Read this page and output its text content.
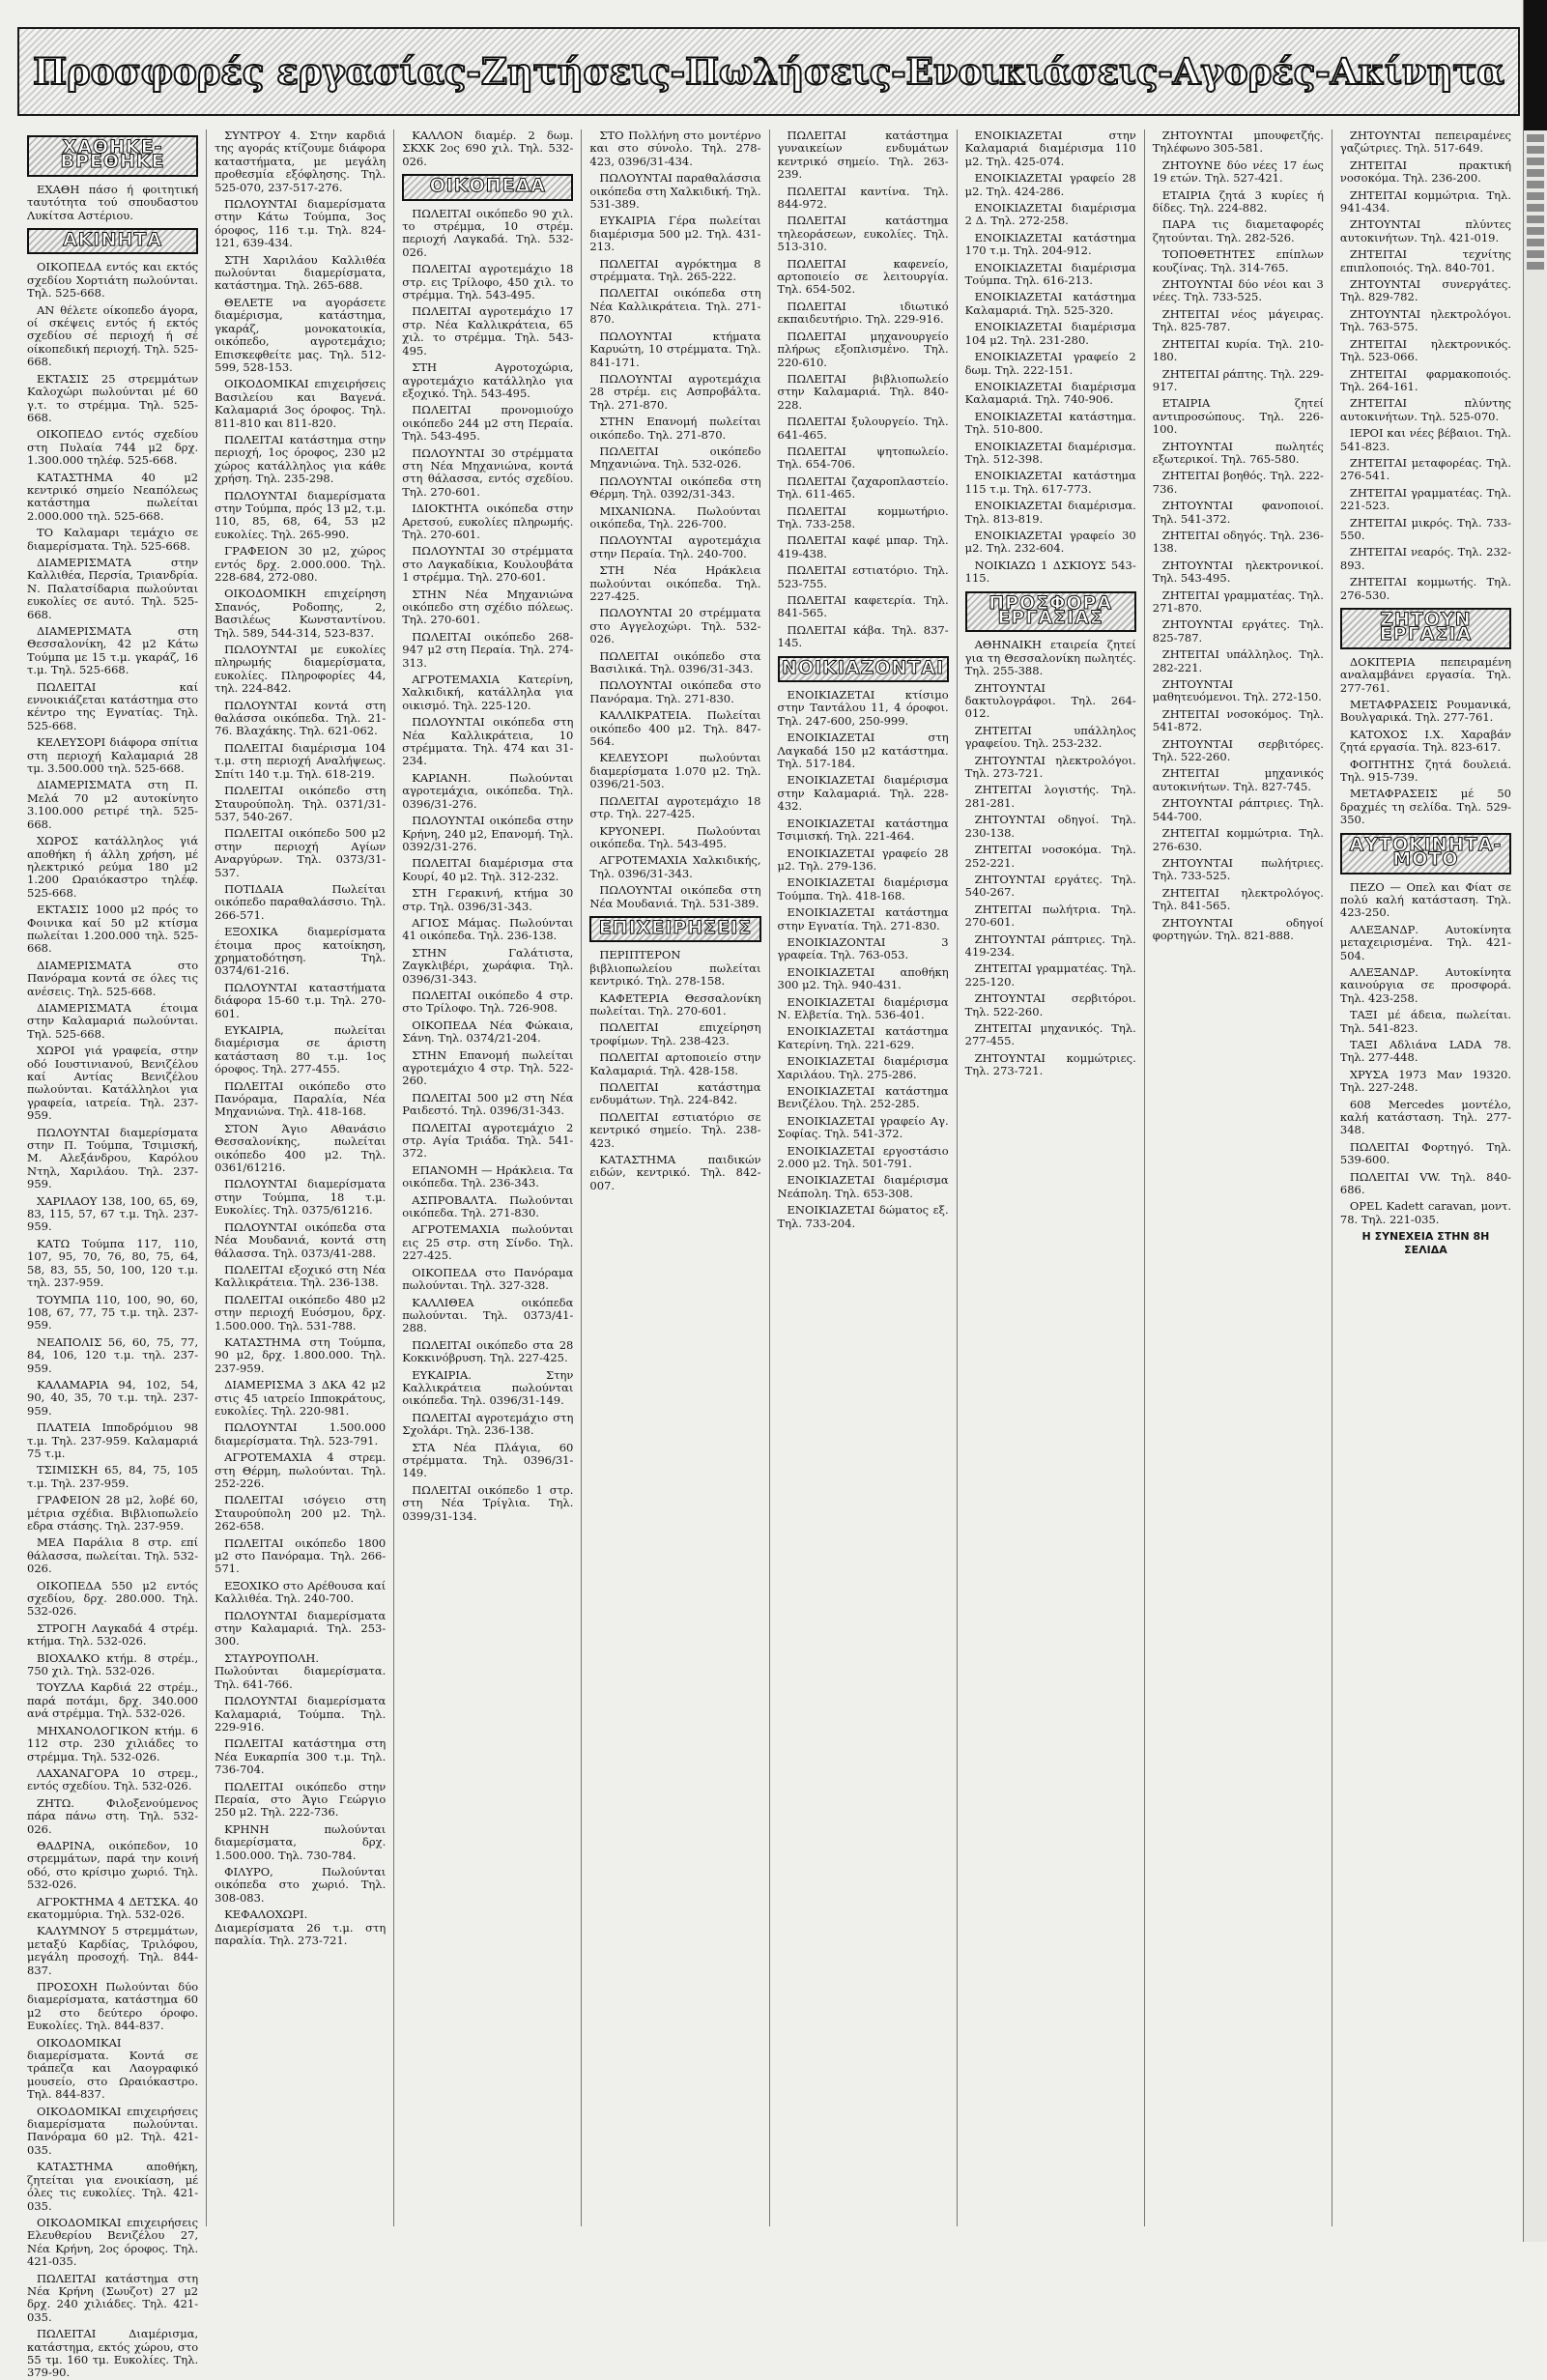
Προσφορές εργασίας-Ζητήσεις-Πωλήσεις-Ενοικιάσεις-Αγορές-Ακίνητα
ΧΑΘΗΚΕ-ΒΡΕΘΗΚΕ

ΕΧΑΘΗ πάσο ή φοιτητική ταυτότητα τού σπουδαστου Λυκίτσα Αστέριου.

ΑΚΙΝΗΤΑ

ΟΙΚΟΠΕΔΑ εντός και εκτός σχεδίου Χορτιάτη πωλούνται. Τηλ. 525-668.

ΑΝ θέλετε οίκοπεδο άγορα, οί σκέψεις εντός ή εκτός σχεδίου σέ περιοχή ή σέ οίκοπεδική περιοχή. Τηλ. 525-668.

ΕΚΤΑΣΙΣ 25 στρεμμάτων Καλοχώρι πωλούνται μέ 60 γ.τ. το στρέμμα. Τηλ. 525-668.

ΟΙΚΟΠΕΔΟ εντός σχεδίου στη Πυλαία 744 μ2 δρχ. 1.300.000 τηλέφ. 525-668.

ΚΑΤΑΣΤΗΜΑ 40 μ2 κεντρικό σημείο Νεαπόλεως κατάστημα πωλείται 2.000.000 τηλ. 525-668.

ΤΟ Καλαμαρι τεμάχιο σε διαμερίσματα. Τηλ. 525-668.

ΔΙΑΜΕΡΙΣΜΑΤΑ στην Καλλιθέα, Περσία, Τριανδρία. Ν. Παλατσίδαρια πωλούνται ευκολίες σε αυτό. Τηλ. 525-668.

ΔΙΑΜΕΡΙΣΜΑΤΑ στη Θεσσαλονίκη, 42 μ2 Κάτω Τούμπα με 15 τ.μ. γκαράζ, 16 τ.μ. Τηλ. 525-668.

ΠΩΛΕΙΤΑΙ καί εννοικιάζεται κατάστημα στο κέντρο της Εγνατίας. Τηλ. 525-668.

ΚΕΛΕΥΣΟΡΙ διάφορα σπίτια στη περιοχή Καλαμαριά 28 τμ. 3.500.000 τηλ. 525-668.

ΔΙΑΜΕΡΙΣΜΑΤΑ στη Π. Μελά 70 μ2 αυτοκίνητο 3.100.000 ρετιρέ τηλ. 525-668.

ΧΩΡΟΣ κατάλληλος γιά αποθήκη ή άλλη χρήση, μέ ηλεκτρικό ρεύμα 180 μ2 1.200 Ωραιόκαστρο τηλέφ. 525-668.

ΕΚΤΑΣΙΣ 1000 μ2 πρός το Φοινικα καί 50 μ2 κτίσμα πωλείται 1.200.000 τηλ. 525-668.

ΔΙΑΜΕΡΙΣΜΑΤΑ στο Πανόραμα κοντά σε όλες τις ανέσεις. Τηλ. 525-668.

ΔΙΑΜΕΡΙΣΜΑΤΑ έτοιμα στην Καλαμαριά πωλούνται. Τηλ. 525-668.

ΧΩΡΟΙ γιά γραφεία, στην οδό Ιουστινιανού, Βενιζέλου καί Αντίας Βενιζέλου πωλούνται. Κατάλληλοι για γραφεία, ιατρεία. Τηλ. 237-959.

ΠΩΛΟΥΝΤΑΙ διαμερίσματα στην Π. Τούμπα, Τσιμισκή, Μ. Αλεξάνδρου, Καρόλου Ντηλ, Χαριλάου. Τηλ. 237-959.

ΧΑΡΙΛΑΟΥ 138, 100, 65, 69, 83, 115, 57, 67 τ.μ. Τηλ. 237-959.

ΚΑΤΩ Τούμπα 117, 110, 107, 95, 70, 76, 80, 75, 64, 58, 83, 55, 50, 100, 120 τ.μ. τηλ. 237-959.

ΤΟΥΜΠΑ 110, 100, 90, 60, 108, 67, 77, 75 τ.μ. τηλ. 237-959.

ΝΕΑΠΟΛΙΣ 56, 60, 75, 77, 84, 106, 120 τ.μ. τηλ. 237-959.

ΚΑΛΑΜΑΡΙΑ 94, 102, 54, 90, 40, 35, 70 τ.μ. τηλ. 237-959.

ΠΛΑΤΕΙΑ Ιπποδρόμιου 98 τ.μ. Τηλ. 237-959. Καλαμαριά 75 τ.μ.

ΤΣΙΜΙΣΚΗ 65, 84, 75, 105 τ.μ. Τηλ. 237-959.

ΓΡΑΦΕΙΟΝ 28 μ2, λοβέ 60, μέτρια σχέδια. Βιβλιοπωλείο εδρα στάσης. Τηλ. 237-959.

ΜΕΑ Παράλια 8 στρ. επί θάλασσα, πωλείται. Τηλ. 532-026.

ΟΙΚΟΠΕΔΑ 550 μ2 εντός σχεδίου, δρχ. 280.000. Τηλ. 532-026.

ΣΤΡΟΓΗ Λαγκαδά 4 στρέμ. κτήμα. Τηλ. 532-026.

ΒΙΟΧΑΛΚΟ κτήμ. 8 στρέμ., 750 χιλ. Τηλ. 532-026.

ΤΟΥΖΛΑ Καρδιά 22 στρέμ., παρά ποτάμι, δρχ. 340.000 ανά στρέμμα. Τηλ. 532-026.

ΜΗΧΑΝΟΛΟΓΙΚΟΝ κτήμ. 6 112 στρ. 230 χιλιάδες το στρέμμα. Τηλ. 532-026.

ΛΑΧΑΝΑΓΟΡΑ 10 στρεμ., εντός σχεδίου. Τηλ. 532-026.

ΖΗΤΩ. Φιλοξενούμενος πάρα πάνω στη. Τηλ. 532-026.

ΘΑΔΡΙΝΑ, οικόπεδον, 10 στρεμμάτων, παρά την κοινή οδό, στο κρίσιμο χωριό. Τηλ. 532-026.

ΑΓΡΟΚΤΗΜΑ 4 ΔΕΤΣΚΑ. 40 εκατομμύρια. Τηλ. 532-026.

ΚΑΛΥΜΝΟΥ 5 στρεμμάτων, μεταξύ Καρδίας, Τριλόφου, μεγάλη προσοχή. Τηλ. 844-837.

ΠΡΟΣΟΧΗ Πωλούνται δύο διαμερίσματα, κατάστημα 60 μ2 στο δεύτερο όροφο. Ευκολίες. Τηλ. 844-837.

ΟΙΚΟΔΟΜΙΚΑΙ διαμερίσματα. Κοντά σε τράπεζα και Λαογραφικό μουσείο, στο Ωραιόκαστρο. Τηλ. 844-837.

ΟΙΚΟΔΟΜΙΚΑΙ επιχειρήσεις διαμερίσματα πωλούνται. Πανόραμα 60 μ2. Τηλ. 421-035.

ΚΑΤΑΣΤΗΜΑ αποθήκη, ζητείται για ενοικίαση, μέ όλες τις ευκολίες. Τηλ. 421-035.

ΟΙΚΟΔΟΜΙΚΑΙ επιχειρήσεις Ελευθερίου Βενιζέλου 27, Νέα Κρήνη, 2ος όροφος. Τηλ. 421-035.

ΠΩΛΕΙΤΑΙ κατάστημα στη Νέα Κρήνη (Σωυζοτ) 27 μ2 δρχ. 240 χιλιάδες. Τηλ. 421-035.

ΠΩΛΕΙΤΑΙ Διαμέρισμα, κατάστημα, εκτός χώρου, στο 55 τμ. 160 τμ. Ευκολίες. Τηλ. 379-90.

ΣΥΝΤΡΟΥ 4. Στην καρδιά της αγοράς κτίζουμε διάφορα καταστήματα, με μεγάλη προθεσμία εξόφλησης. Τηλ. 525-070, 237-517-276.

ΠΩΛΟΥΝΤΑΙ διαμερίσματα στην Κάτω Τούμπα, 3ος όροφος, 116 τ.μ. Τηλ. 824-121, 639-434.

ΣΤΗ Χαριλάου Καλλιθέα πωλούνται διαμερίσματα, κατάστημα. Τηλ. 265-688.

ΘΕΛΕΤΕ να αγοράσετε διαμέρισμα, κατάστημα, γκαράζ, μονοκατοικία, οικόπεδο, αγροτεμάχιο; Επισκεφθείτε μας. Τηλ. 512-599, 528-153.

ΟΙΚΟΔΟΜΙΚΑΙ επιχειρήσεις Βασιλείου και Βαγενά. Καλαμαριά 3ος όροφος. Τηλ. 811-810 και 811-820.

ΠΩΛΕΙΤΑΙ κατάστημα στην περιοχή, 1ος όροφος, 230 μ2 χώρος κατάλληλος για κάθε χρήση. Τηλ. 235-298.

ΠΩΛΟΥΝΤΑΙ διαμερίσματα στην Τούμπα, πρός 13 μ2, τ.μ. 110, 85, 68, 64, 53 μ2 ευκολίες. Τηλ. 265-990.

ΓΡΑΦΕΙΟΝ 30 μ2, χώρος εντός δρχ. 2.000.000. Τηλ. 228-684, 272-080.

ΟΙΚΟΔΟΜΙΚΗ επιχείρηση Σπανός, Ροδοπης, 2, Βασιλέως Κωνσταντίνου. Τηλ. 589, 544-314, 523-837.

ΠΩΛΟΥΝΤΑΙ με ευκολίες πληρωμής διαμερίσματα, ευκολίες. Πληροφορίες 44, τηλ. 224-842.

ΠΩΛΟΥΝΤΑΙ κοντά στη θαλάσσα οικόπεδα. Τηλ. 21-76. Βλαχάκης. Τηλ. 621-062.

ΠΩΛΕΙΤΑΙ διαμέρισμα 104 τ.μ. στη περιοχή Αναλήψεως. Σπίτι 140 τ.μ. Τηλ. 618-219.

ΠΩΛΕΙΤΑΙ οικόπεδο στη Σταυρούπολη. Τηλ. 0371/31-537, 540-267.

ΠΩΛΕΙΤΑΙ οικόπεδο 500 μ2 στην περιοχή Αγίων Αναργύρων. Τηλ. 0373/31-537.

ΠΟΤΙΔΑΙΑ Πωλείται οικόπεδο παραθαλάσσιο. Τηλ. 266-571.

ΕΞΟΧΙΚΑ διαμερίσματα έτοιμα προς κατοίκηση, χρηματοδότηση. Τηλ. 0374/61-216.

ΠΩΛΟΥΝΤΑΙ καταστήματα διάφορα 15-60 τ.μ. Τηλ. 270-601.

ΕΥΚΑΙΡΙΑ, πωλείται διαμέρισμα σε άριστη κατάσταση 80 τ.μ. 1ος όροφος. Τηλ. 277-455.

ΠΩΛΕΙΤΑΙ οικόπεδο στο Πανόραμα, Παραλία, Νέα Μηχανιώνα. Τηλ. 418-168.

ΣΤΟΝ Άγιο Αθανάσιο Θεσσαλονίκης, πωλείται οικόπεδο 400 μ2. Τηλ. 0361/61216.

ΠΩΛΟΥΝΤΑΙ διαμερίσματα στην Τούμπα, 18 τ.μ. Ευκολίες. Τηλ. 0375/61216.

ΠΩΛΟΥΝΤΑΙ οικόπεδα στα Νέα Μουδανιά, κοντά στη θάλασσα. Τηλ. 0373/41-288.

ΠΩΛΕΙΤΑΙ εξοχικό στη Νέα Καλλικράτεια. Τηλ. 236-138.

ΠΩΛΕΙΤΑΙ οικόπεδο 480 μ2 στην περιοχή Ευόσμου, δρχ. 1.500.000. Τηλ. 531-788.

ΚΑΤΑΣΤΗΜΑ στη Τούμπα, 90 μ2, δρχ. 1.800.000. Τηλ. 237-959.

ΔΙΑΜΕΡΙΣΜΑ 3 ΔΚΑ 42 μ2 στις 45 ιατρείο Ιπποκράτους, ευκολίες. Τηλ. 220-981.

ΠΩΛΟΥΝΤΑΙ 1.500.000 διαμερίσματα. Τηλ. 523-791.

ΑΓΡΟΤΕΜΑΧΙΑ 4 στρεμ. στη Θέρμη, πωλούνται. Τηλ. 252-226.

ΠΩΛΕΙΤΑΙ ισόγειο στη Σταυρούπολη 200 μ2. Τηλ. 262-658.

ΠΩΛΕΙΤΑΙ οικόπεδο 1800 μ2 στο Πανόραμα. Τηλ. 266-571.

ΕΞΟΧΙΚΟ στο Αρέθουσα καί Καλλιθέα. Τηλ. 240-700.

ΠΩΛΟΥΝΤΑΙ διαμερίσματα στην Καλαμαριά. Τηλ. 253-300.

ΣΤΑΥΡΟΥΠΟΛΗ. Πωλούνται διαμερίσματα. Τηλ. 641-766.

ΠΩΛΟΥΝΤΑΙ διαμερίσματα Καλαμαριά, Τούμπα. Τηλ. 229-916.

ΠΩΛΕΙΤΑΙ κατάστημα στη Νέα Ευκαρπία 300 τ.μ. Τηλ. 736-704.

ΠΩΛΕΙΤΑΙ οικόπεδο στην Περαία, στο Άγιο Γεώργιο 250 μ2. Τηλ. 222-736.

ΚΡΗΝΗ πωλούνται διαμερίσματα, δρχ. 1.500.000. Τηλ. 730-784.

ΦΙΛΥΡΟ, Πωλούνται οικόπεδα στο χωριό. Τηλ. 308-083.

ΚΕΦΑΛΟΧΩΡΙ. Διαμερίσματα 26 τ.μ. στη παραλία. Τηλ. 273-721.

ΚΑΛΛΟΝ διαμέρ. 2 δωμ. ΣΚΧΚ 2ος 690 χιλ. Τηλ. 532-026.

ΟΙΚΟΠΕΔΑ

ΠΩΛΕΙΤΑΙ οικόπεδο 90 χιλ. το στρέμμα, 10 στρέμ. περιοχή Λαγκαδά. Τηλ. 532-026.

ΠΩΛΕΙΤΑΙ αγροτεμάχιο 18 στρ. εις Τρίλοφο, 450 χιλ. το στρέμμα. Τηλ. 543-495.

ΠΩΛΕΙΤΑΙ αγροτεμάχιο 17 στρ. Νέα Καλλικράτεια, 65 χιλ. το στρέμμα. Τηλ. 543-495.

ΣΤΗ Αγροτοχώρια, αγροτεμάχιο κατάλληλο για εξοχικό. Τηλ. 543-495.

ΠΩΛΕΙΤΑΙ προνομιούχο οικόπεδο 244 μ2 στη Περαία. Τηλ. 543-495.

ΠΩΛΟΥΝΤΑΙ 30 στρέμματα στη Νέα Μηχανιώνα, κοντά στη θάλασσα, εντός σχεδίου. Τηλ. 270-601.

ΙΔΙΟΚΤΗΤΑ οικόπεδα στην Αρετσού, ευκολίες πληρωμής. Τηλ. 270-601.

ΠΩΛΟΥΝΤΑΙ 30 στρέμματα στο Λαγκαδίκια, Κουλουβάτα 1 στρέμμα. Τηλ. 270-601.

ΣΤΗΝ Νέα Μηχανιώνα οικόπεδο στη σχέδιο πόλεως. Τηλ. 270-601.

ΠΩΛΕΙΤΑΙ οικόπεδο 268-947 μ2 στη Περαία. Τηλ. 274-313.

ΑΓΡΟΤΕΜΑΧΙΑ Κατερίνη, Χαλκιδική, κατάλληλα για οικισμό. Τηλ. 225-120.

ΠΩΛΟΥΝΤΑΙ οικόπεδα στη Νέα Καλλικράτεια, 10 στρέμματα. Τηλ. 474 και 31-234.

ΚΑΡΙΑΝΗ. Πωλούνται αγροτεμάχια, οικόπεδα. Τηλ. 0396/31-276.

ΠΩΛΟΥΝΤΑΙ οικόπεδα στην Κρήνη, 240 μ2, Επανομή. Τηλ. 0392/31-276.

ΠΩΛΕΙΤΑΙ διαμέρισμα στα Κουρί, 40 μ2. Τηλ. 312-232.

ΣΤΗ Γερακινή, κτήμα 30 στρ. Τηλ. 0396/31-343.

ΑΓΙΟΣ Μάμας. Πωλούνται 41 οικόπεδα. Τηλ. 236-138.

ΣΤΗΝ Γαλάτιστα, Ζαγκλιβέρι, χωράφια. Τηλ. 0396/31-343.

ΠΩΛΕΙΤΑΙ οικόπεδο 4 στρ. στο Τρίλοφο. Τηλ. 726-908.

ΟΙΚΟΠΕΔΑ Νέα Φώκαια, Σάνη. Τηλ. 0374/21-204.

ΣΤΗΝ Επανομή πωλείται αγροτεμάχιο 4 στρ. Τηλ. 522-260.

ΠΩΛΕΙΤΑΙ 500 μ2 στη Νέα Ραιδεστό. Τηλ. 0396/31-343.

ΠΩΛΕΙΤΑΙ αγροτεμάχιο 2 στρ. Αγία Τριάδα. Τηλ. 541-372.

ΕΠΑΝΟΜΗ — Ηράκλεια. Τα οικόπεδα. Τηλ. 236-343.

ΑΣΠΡΟΒΑΛΤΑ. Πωλούνται οικόπεδα. Τηλ. 271-830.

ΑΓΡΟΤΕΜΑΧΙΑ πωλούνται εις 25 στρ. στη Σίνδο. Τηλ. 227-425.

ΟΙΚΟΠΕΔΑ στο Πανόραμα πωλούνται. Τηλ. 327-328.

ΚΑΛΛΙΘΕΑ οικόπεδα πωλούνται. Τηλ. 0373/41-288.

ΠΩΛΕΙΤΑΙ οικόπεδο στα 28 Κοκκινόβρυση. Τηλ. 227-425.

ΕΥΚΑΙΡΙΑ. Στην Καλλικράτεια πωλούνται οικόπεδα. Τηλ. 0396/31-149.

ΠΩΛΕΙΤΑΙ αγροτεμάχιο στη Σχολάρι. Τηλ. 236-138.

ΣΤΑ Νέα Πλάγια, 60 στρέμματα. Τηλ. 0396/31-149.

ΠΩΛΕΙΤΑΙ οικόπεδο 1 στρ. στη Νέα Τρίγλια. Τηλ. 0399/31-134.

ΣΤΟ Πολλήνη στο μοντέρνο και στο σύνολο. Τηλ. 278-423, 0396/31-434.

ΠΩΛΟΥΝΤΑΙ παραθαλάσσια οικόπεδα στη Χαλκιδική. Τηλ. 531-389.

ΕΥΚΑΙΡΙΑ Γέρα πωλείται διαμέρισμα 500 μ2. Τηλ. 431-213.

ΠΩΛΕΙΤΑΙ αγρόκτημα 8 στρέμματα. Τηλ. 265-222.

ΠΩΛΕΙΤΑΙ οικόπεδα στη Νέα Καλλικράτεια. Τηλ. 271-870.

ΠΩΛΟΥΝΤΑΙ κτήματα Καρυώτη, 10 στρέμματα. Τηλ. 841-171.

ΠΩΛΟΥΝΤΑΙ αγροτεμάχια 28 στρέμ. εις Ασπροβάλτα. Τηλ. 271-870.

ΣΤΗΝ Επανομή πωλείται οικόπεδο. Τηλ. 271-870.

ΠΩΛΕΙΤΑΙ οικόπεδο Μηχανιώνα. Τηλ. 532-026.

ΠΩΛΟΥΝΤΑΙ οικόπεδα στη Θέρμη. Τηλ. 0392/31-343.

ΜΙΧΑΝΙΩΝΑ. Πωλούνται οικόπεδα, Τηλ. 226-700.

ΠΩΛΟΥΝΤΑΙ αγροτεμάχια στην Περαία. Τηλ. 240-700.

ΣΤΗ Νέα Ηράκλεια πωλούνται οικόπεδα. Τηλ. 227-425.

ΠΩΛΟΥΝΤΑΙ 20 στρέμματα στο Αγγελοχώρι. Τηλ. 532-026.

ΠΩΛΕΙΤΑΙ οικόπεδο στα Βασιλικά. Τηλ. 0396/31-343.

ΠΩΛΟΥΝΤΑΙ οικόπεδα στο Πανόραμα. Τηλ. 271-830.

ΚΑΛΛΙΚΡΑΤΕΙΑ. Πωλείται οικόπεδο 400 μ2. Τηλ. 847-564.

ΚΕΛΕΥΣΟΡΙ πωλούνται διαμερίσματα 1.070 μ2. Τηλ. 0396/21-503.

ΠΩΛΕΙΤΑΙ αγροτεμάχιο 18 στρ. Τηλ. 227-425.

ΚΡΥΟΝΕΡΙ. Πωλούνται οικόπεδα. Τηλ. 543-495.

ΑΓΡΟΤΕΜΑΧΙΑ Χαλκιδικής, Τηλ. 0396/31-343.

ΠΩΛΟΥΝΤΑΙ οικόπεδα στη Νέα Μουδανιά. Τηλ. 531-389.

ΕΠΙΧΕΙΡΗΣΕΙΣ

ΠΕΡΙΠΤΕΡΟΝ βιβλιοπωλείου πωλείται κεντρικό. Τηλ. 278-158.

ΚΑΦΕΤΕΡΙΑ Θεσσαλονίκη πωλείται. Τηλ. 270-601.

ΠΩΛΕΙΤΑΙ επιχείρηση τροφίμων. Τηλ. 238-423.

ΠΩΛΕΙΤΑΙ αρτοποιείο στην Καλαμαριά. Τηλ. 428-158.

ΠΩΛΕΙΤΑΙ κατάστημα ενδυμάτων. Τηλ. 224-842.

ΠΩΛΕΙΤΑΙ εστιατόριο σε κεντρικό σημείο. Τηλ. 238-423.

ΚΑΤΑΣΤΗΜΑ παιδικών ειδών, κεντρικό. Τηλ. 842-007.

ΠΩΛΕΙΤΑΙ κατάστημα γυναικείων ενδυμάτων κεντρικό σημείο. Τηλ. 263-239.

ΠΩΛΕΙΤΑΙ καντίνα. Τηλ. 844-972.

ΠΩΛΕΙΤΑΙ κατάστημα τηλεοράσεων, ευκολίες. Τηλ. 513-310.

ΠΩΛΕΙΤΑΙ καφενείο, αρτοποιείο σε λειτουργία. Τηλ. 654-502.

ΠΩΛΕΙΤΑΙ ιδιωτικό εκπαιδευτήριο. Τηλ. 229-916.

ΠΩΛΕΙΤΑΙ μηχανουργείο πλήρως εξοπλισμένο. Τηλ. 220-610.

ΠΩΛΕΙΤΑΙ βιβλιοπωλείο στην Καλαμαριά. Τηλ. 840-228.

ΠΩΛΕΙΤΑΙ ξυλουργείο. Τηλ. 641-465.

ΠΩΛΕΙΤΑΙ ψητοπωλείο. Τηλ. 654-706.

ΠΩΛΕΙΤΑΙ ζαχαροπλαστείο. Τηλ. 611-465.

ΠΩΛΕΙΤΑΙ κομμωτήριο. Τηλ. 733-258.

ΠΩΛΕΙΤΑΙ καφέ μπαρ. Τηλ. 419-438.

ΠΩΛΕΙΤΑΙ εστιατόριο. Τηλ. 523-755.

ΠΩΛΕΙΤΑΙ καφετερία. Τηλ. 841-565.

ΠΩΛΕΙΤΑΙ κάβα. Τηλ. 837-145.

ΝΟΙΚΙΑΖΟΝΤΑΙ

ΕΝΟΙΚΙΑΖΕΤΑΙ κτίσιμο στην Ταντάλου 11, 4 όροφοι. Τηλ. 247-600, 250-999.

ΕΝΟΙΚΙΑΖΕΤΑΙ στη Λαγκαδά 150 μ2 κατάστημα. Τηλ. 517-184.

ΕΝΟΙΚΙΑΖΕΤΑΙ διαμέρισμα στην Καλαμαριά. Τηλ. 228-432.

ΕΝΟΙΚΙΑΖΕΤΑΙ κατάστημα Τσιμισκή. Τηλ. 221-464.

ΕΝΟΙΚΙΑΖΕΤΑΙ γραφείο 28 μ2. Τηλ. 279-136.

ΕΝΟΙΚΙΑΖΕΤΑΙ διαμέρισμα Τούμπα. Τηλ. 418-168.

ΕΝΟΙΚΙΑΖΕΤΑΙ κατάστημα στην Εγνατία. Τηλ. 271-830.

ΕΝΟΙΚΙΑΖΟΝΤΑΙ 3 γραφεία. Τηλ. 763-053.

ΕΝΟΙΚΙΑΖΕΤΑΙ αποθήκη 300 μ2. Τηλ. 940-431.

ΕΝΟΙΚΙΑΖΕΤΑΙ διαμέρισμα Ν. Ελβετία. Τηλ. 536-401.

ΕΝΟΙΚΙΑΖΕΤΑΙ κατάστημα Κατερίνη. Τηλ. 221-629.

ΕΝΟΙΚΙΑΖΕΤΑΙ διαμέρισμα Χαριλάου. Τηλ. 275-286.

ΕΝΟΙΚΙΑΖΕΤΑΙ κατάστημα Βενιζέλου. Τηλ. 252-285.

ΕΝΟΙΚΙΑΖΕΤΑΙ γραφείο Αγ. Σοφίας. Τηλ. 541-372.

ΕΝΟΙΚΙΑΖΕΤΑΙ εργοστάσιο 2.000 μ2. Τηλ. 501-791.

ΕΝΟΙΚΙΑΖΕΤΑΙ διαμέρισμα Νεάπολη. Τηλ. 653-308.

ΕΝΟΙΚΙΑΖΕΤΑΙ δώματος εξ. Τηλ. 733-204.

ΕΝΟΙΚΙΑΖΕΤΑΙ στην Καλαμαριά διαμέρισμα 110 μ2. Τηλ. 425-074.

ΕΝΟΙΚΙΑΖΕΤΑΙ γραφείο 28 μ2. Τηλ. 424-286.

ΕΝΟΙΚΙΑΖΕΤΑΙ διαμέρισμα 2 Δ. Τηλ. 272-258.

ΕΝΟΙΚΙΑΖΕΤΑΙ κατάστημα 170 τ.μ. Τηλ. 204-912.

ΕΝΟΙΚΙΑΖΕΤΑΙ διαμέρισμα Τούμπα. Τηλ. 616-213.

ΕΝΟΙΚΙΑΖΕΤΑΙ κατάστημα Καλαμαριά. Τηλ. 525-320.

ΕΝΟΙΚΙΑΖΕΤΑΙ διαμέρισμα 104 μ2. Τηλ. 231-280.

ΕΝΟΙΚΙΑΖΕΤΑΙ γραφείο 2 δωμ. Τηλ. 222-151.

ΕΝΟΙΚΙΑΖΕΤΑΙ διαμέρισμα Καλαμαριά. Τηλ. 740-906.

ΕΝΟΙΚΙΑΖΕΤΑΙ κατάστημα. Τηλ. 510-800.

ΕΝΟΙΚΙΑΖΕΤΑΙ διαμέρισμα. Τηλ. 512-398.

ΕΝΟΙΚΙΑΖΕΤΑΙ κατάστημα 115 τ.μ. Τηλ. 617-773.

ΕΝΟΙΚΙΑΖΕΤΑΙ διαμέρισμα. Τηλ. 813-819.

ΕΝΟΙΚΙΑΖΕΤΑΙ γραφείο 30 μ2. Τηλ. 232-604.

ΝΟΙΚΙΑΖΩ 1 ΔΣΚΙΟΥΣ 543-115.

ΠΡΟΣΦΟΡΑ ΕΡΓΑΣΙΑΣ

ΑΘΗΝΑΙΚΗ εταιρεία ζητεί για τη Θεσσαλονίκη πωλητές. Τηλ. 255-388.

ΖΗΤΟΥΝΤΑΙ δακτυλογράφοι. Τηλ. 264-012.

ΖΗΤΕΙΤΑΙ υπάλληλος γραφείου. Τηλ. 253-232.

ΖΗΤΟΥΝΤΑΙ ηλεκτρολόγοι. Τηλ. 273-721.

ΖΗΤΕΙΤΑΙ λογιστής. Τηλ. 281-281.

ΖΗΤΟΥΝΤΑΙ οδηγοί. Τηλ. 230-138.

ΖΗΤΕΙΤΑΙ νοσοκόμα. Τηλ. 252-221.

ΖΗΤΟΥΝΤΑΙ εργάτες. Τηλ. 540-267.

ΖΗΤΕΙΤΑΙ πωλήτρια. Τηλ. 270-601.

ΖΗΤΟΥΝΤΑΙ ράπτριες. Τηλ. 419-234.

ΖΗΤΕΙΤΑΙ γραμματέας. Τηλ. 225-120.

ΖΗΤΟΥΝΤΑΙ σερβιτόροι. Τηλ. 522-260.

ΖΗΤΕΙΤΑΙ μηχανικός. Τηλ. 277-455.

ΖΗΤΟΥΝΤΑΙ κομμώτριες. Τηλ. 273-721.

ΖΗΤΟΥΝΤΑΙ μπουφετζής. Τηλέφωνο 305-581.

ΖΗΤΟΥΝΕ δύο νέες 17 έως 19 ετών. Τηλ. 527-421.

ΕΤΑΙΡΙΑ ζητά 3 κυρίες ή δίδες. Τηλ. 224-882.

ΠΑΡΑ τις διαμεταφορές ζητούνται. Τηλ. 282-526.

ΤΟΠΟΘΕΤΗΤΕΣ επίπλων κουζίνας. Τηλ. 314-765.

ΖΗΤΟΥΝΤΑΙ δύο νέοι και 3 νέες. Τηλ. 733-525.

ΖΗΤΕΙΤΑΙ νέος μάγειρας. Τηλ. 825-787.

ΖΗΤΕΙΤΑΙ κυρία. Τηλ. 210-180.

ΖΗΤΕΙΤΑΙ ράπτης. Τηλ. 229-917.

ΕΤΑΙΡΙΑ ζητεί αντιπροσώπους. Τηλ. 226-100.

ΖΗΤΟΥΝΤΑΙ πωλητές εξωτερικοί. Τηλ. 765-580.

ΖΗΤΕΙΤΑΙ βοηθός. Τηλ. 222-736.

ΖΗΤΟΥΝΤΑΙ φανοποιοί. Τηλ. 541-372.

ΖΗΤΕΙΤΑΙ οδηγός. Τηλ. 236-138.

ΖΗΤΟΥΝΤΑΙ ηλεκτρονικοί. Τηλ. 543-495.

ΖΗΤΕΙΤΑΙ γραμματέας. Τηλ. 271-870.

ΖΗΤΟΥΝΤΑΙ εργάτες. Τηλ. 825-787.

ΖΗΤΕΙΤΑΙ υπάλληλος. Τηλ. 282-221.

ΖΗΤΟΥΝΤΑΙ μαθητευόμενοι. Τηλ. 272-150.

ΖΗΤΕΙΤΑΙ νοσοκόμος. Τηλ. 541-872.

ΖΗΤΟΥΝΤΑΙ σερβιτόρες. Τηλ. 522-260.

ΖΗΤΕΙΤΑΙ μηχανικός αυτοκινήτων. Τηλ. 827-745.

ΖΗΤΟΥΝΤΑΙ ράπτριες. Τηλ. 544-700.

ΖΗΤΕΙΤΑΙ κομμώτρια. Τηλ. 276-630.

ΖΗΤΟΥΝΤΑΙ πωλήτριες. Τηλ. 733-525.

ΖΗΤΕΙΤΑΙ ηλεκτρολόγος. Τηλ. 841-565.

ΖΗΤΟΥΝΤΑΙ οδηγοί φορτηγών. Τηλ. 821-888.

ΖΗΤΟΥΝΤΑΙ πεπειραμένες γαζώτριες. Τηλ. 517-649.

ΖΗΤΕΙΤΑΙ πρακτική νοσοκόμα. Τηλ. 236-200.

ΖΗΤΕΙΤΑΙ κομμώτρια. Τηλ. 941-434.

ΖΗΤΟΥΝΤΑΙ πλύντες αυτοκινήτων. Τηλ. 421-019.

ΖΗΤΕΙΤΑΙ τεχνίτης επιπλοποιός. Τηλ. 840-701.

ΖΗΤΟΥΝΤΑΙ συνεργάτες. Τηλ. 829-782.

ΖΗΤΟΥΝΤΑΙ ηλεκτρολόγοι. Τηλ. 763-575.

ΖΗΤΕΙΤΑΙ ηλεκτρονικός. Τηλ. 523-066.

ΖΗΤΕΙΤΑΙ φαρμακοποιός. Τηλ. 264-161.

ΖΗΤΕΙΤΑΙ πλύντης αυτοκινήτων. Τηλ. 525-070.

ΙΕΡΟΙ και νέες βέβαιοι. Τηλ. 541-823.

ΖΗΤΕΙΤΑΙ μεταφορέας. Τηλ. 276-541.

ΖΗΤΕΙΤΑΙ γραμματέας. Τηλ. 221-523.

ΖΗΤΕΙΤΑΙ μικρός. Τηλ. 733-550.

ΖΗΤΕΙΤΑΙ νεαρός. Τηλ. 232-893.

ΖΗΤΕΙΤΑΙ κομμωτής. Τηλ. 276-530.

ΖΗΤΟΥΝ ΕΡΓΑΣΙΑ

ΔΟΚΙΤΕΡΙΑ πεπειραμένη αναλαμβάνει εργασία. Τηλ. 277-761.

ΜΕΤΑΦΡΑΣΕΙΣ Ρουμανικά, Βουλγαρικά. Τηλ. 277-761.

ΚΑΤΟΧΟΣ Ι.Χ. Χαραβάν ζητά εργασία. Τηλ. 823-617.

ΦΟΙΤΗΤΗΣ ζητά δουλειά. Τηλ. 915-739.

ΜΕΤΑΦΡΑΣΕΙΣ μέ 50 δραχμές τη σελίδα. Τηλ. 529-350.

ΑΥΤΟΚΙΝΗΤΑ-ΜΟΤΟ

ΠΕΖΟ — Οπελ και Φίατ σε πολύ καλή κατάσταση. Τηλ. 423-250.

ΑΛΕΞΑΝΔΡ. Αυτοκίνητα μεταχειρισμένα. Τηλ. 421-504.

ΑΛΕΞΑΝΔΡ. Αυτοκίνητα καινούργια σε προσφορά. Τηλ. 423-258.

ΤΑΞΙ μέ άδεια, πωλείται. Τηλ. 541-823.

ΤΑΞΙ Αδλιάνα LADA 78. Τηλ. 277-448.

ΧΡΥΣΑ 1973 Μαν 19320. Τηλ. 227-248.

608 Mercedes μοντέλο, καλή κατάσταση. Τηλ. 277-348.

ΠΩΛΕΙΤΑΙ Φορτηγό. Τηλ. 539-600.

ΠΩΛΕΙΤΑΙ VW. Τηλ. 840-686.

OPEL Kadett caravan, μοντ. 78. Τηλ. 221-035.

Η ΣΥΝΕΧΕΙΑ ΣΤΗΝ 8Η ΣΕΛΙΔΑ
